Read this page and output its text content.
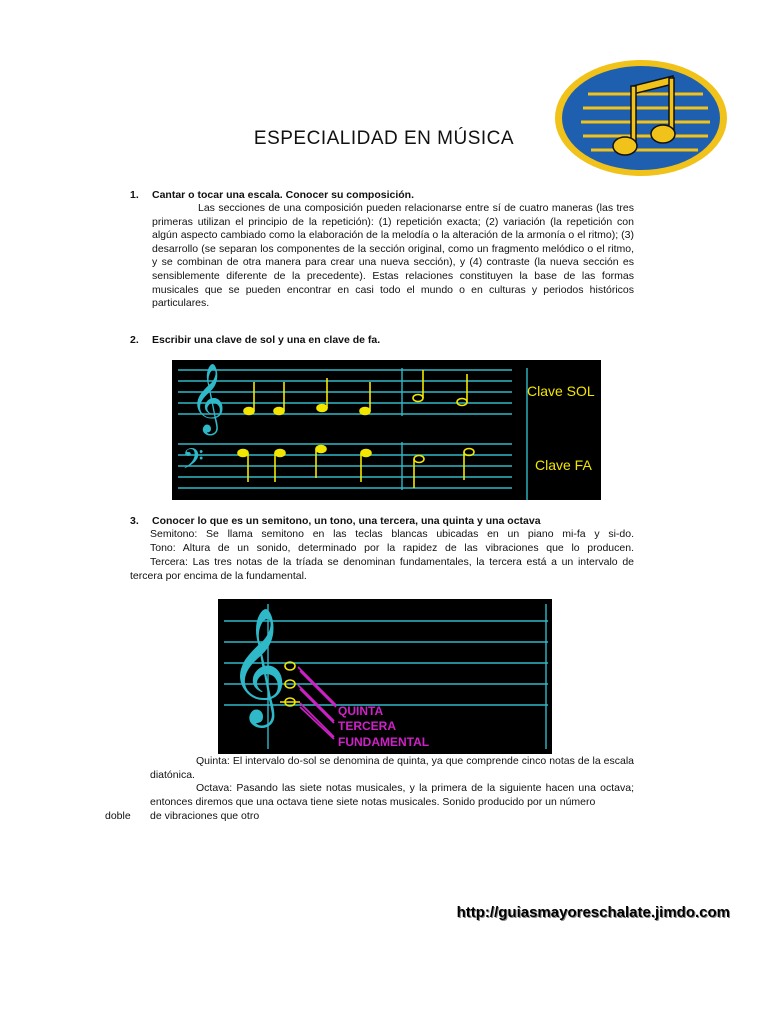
ESPECIALIDAD EN MÚSICA
1. Cantar o tocar una escala. Conocer su composición.
Las secciones de una composición pueden relacionarse entre sí de cuatro maneras (las tres primeras utilizan el principio de la repetición): (1) repetición exacta; (2) variación (la repetición con algún aspecto cambiado como la elaboración de la melodía o la alteración de la armonía o el ritmo); (3) desarrollo (se separan los componentes de la sección original, como un fragmento melódico o el ritmo, y se combinan de otra manera para crear una nueva sección), y (4) contraste (la nueva sección es sensiblemente diferente de la precedente). Estas relaciones constituyen la base de las formas musicales que se pueden encontrar en casi todo el mundo o en culturas y periodos históricos particulares.
2. Escribir una clave de sol y una en clave de fa.
𝄞	Clave SOL
𝄢	Clave FA
3. Conocer lo que es un semitono, un tono, una tercera, una quinta y una octava
Semitono: Se llama semitono en las teclas blancas ubicadas en un piano mi-fa y si-do.
Tono: Altura de un sonido, determinado por la rapidez de las vibraciones que lo producen.
Tercera: Las tres notas de la tríada se denominan fundamentales, la tercera está a un intervalo de tercera por encima de la fundamental.
𝄞	QUINTA
TERCERA
FUNDAMENTAL
Quinta: El intervalo do-sol se denomina de quinta, ya que comprende cinco notas de la escala diatónica.
Octava: Pasando las siete notas musicales, y la primera de la siguiente hacen una octava; entonces diremos que una octava tiene siete notas musicales. Sonido producido por un número
doble de vibraciones que otro
http://guiasmayoreschalate.jimdo.com
